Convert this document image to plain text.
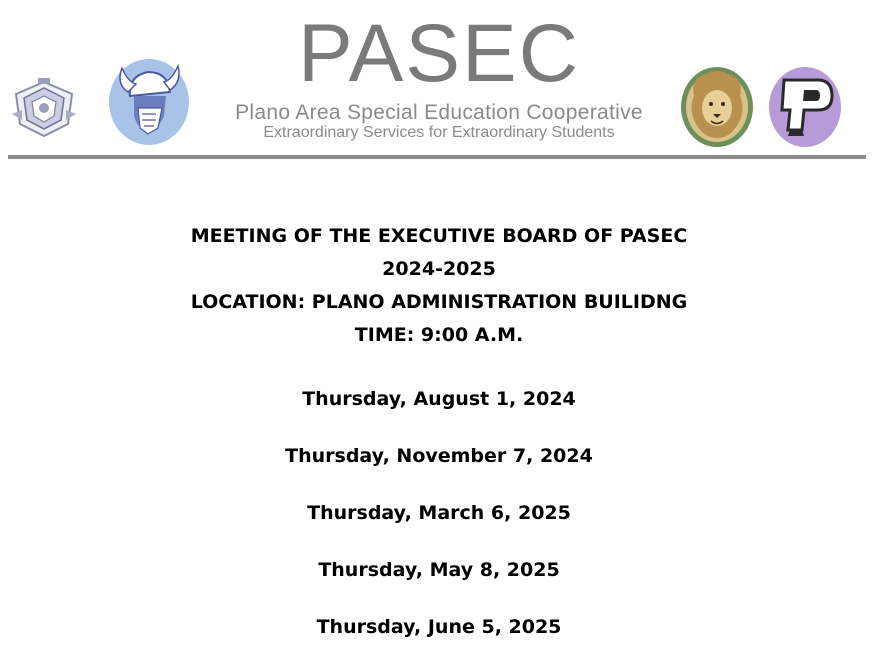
PASEC
Plano Area Special Education Cooperative
Extraordinary Services for Extraordinary Students
MEETING OF THE EXECUTIVE BOARD OF PASEC
2024-2025
LOCATION: PLANO ADMINISTRATION BUILIDNG
TIME: 9:00 A.M.
Thursday, August 1, 2024
Thursday, November 7, 2024
Thursday, March 6, 2025
Thursday, May 8, 2025
Thursday, June 5, 2025
